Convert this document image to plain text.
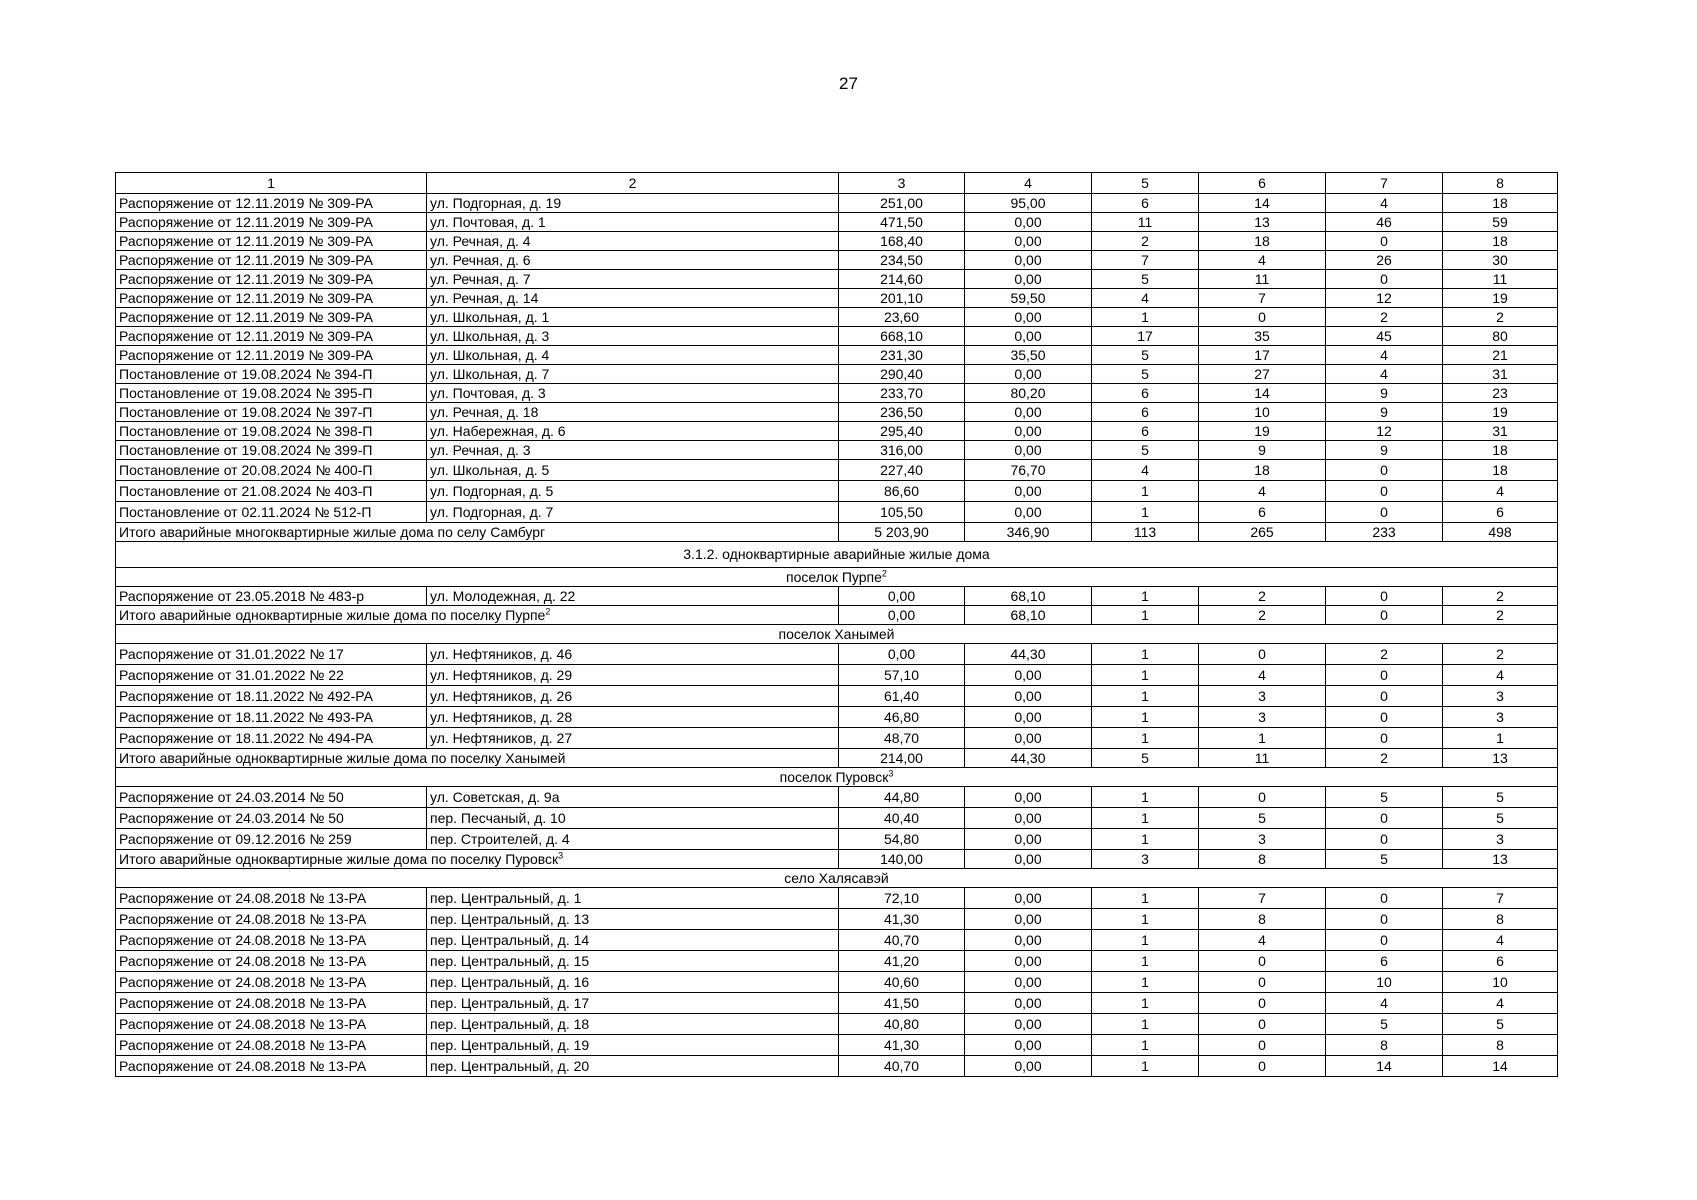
27
1	2	3	4	5	6	7	8
Распоряжение от 12.11.2019 № 309-РА	ул. Подгорная, д. 19	251,00	95,00	6	14	4	18
Распоряжение от 12.11.2019 № 309-РА	ул. Почтовая, д. 1	471,50	0,00	11	13	46	59
Распоряжение от 12.11.2019 № 309-РА	ул. Речная, д. 4	168,40	0,00	2	18	0	18
Распоряжение от 12.11.2019 № 309-РА	ул. Речная, д. 6	234,50	0,00	7	4	26	30
Распоряжение от 12.11.2019 № 309-РА	ул. Речная, д. 7	214,60	0,00	5	11	0	11
Распоряжение от 12.11.2019 № 309-РА	ул. Речная, д. 14	201,10	59,50	4	7	12	19
Распоряжение от 12.11.2019 № 309-РА	ул. Школьная, д. 1	23,60	0,00	1	0	2	2
Распоряжение от 12.11.2019 № 309-РА	ул. Школьная, д. 3	668,10	0,00	17	35	45	80
Распоряжение от 12.11.2019 № 309-РА	ул. Школьная, д. 4	231,30	35,50	5	17	4	21
Постановление от 19.08.2024 № 394-П	ул. Школьная, д. 7	290,40	0,00	5	27	4	31
Постановление от 19.08.2024 № 395-П	ул. Почтовая, д. 3	233,70	80,20	6	14	9	23
Постановление от 19.08.2024 № 397-П	ул. Речная, д. 18	236,50	0,00	6	10	9	19
Постановление от 19.08.2024 № 398-П	ул. Набережная, д. 6	295,40	0,00	6	19	12	31
Постановление от 19.08.2024 № 399-П	ул. Речная, д. 3	316,00	0,00	5	9	9	18
Постановление от 20.08.2024 № 400-П	ул. Школьная, д. 5	227,40	76,70	4	18	0	18
Постановление от 21.08.2024 № 403-П	ул. Подгорная, д. 5	86,60	0,00	1	4	0	4
Постановление от 02.11.2024 № 512-П	ул. Подгорная, д. 7	105,50	0,00	1	6	0	6
Итого аварийные многоквартирные жилые дома по селу Самбург		5 203,90	346,90	113	265	233	498
3.1.2. одноквартирные аварийные жилые дома							
поселок Пурпе$^2$
Распоряжение от 23.05.2018 № 483-р	ул. Молодежная, д. 22	0,00	68,10	1	2	0	2
Итого аварийные одноквартирные жилые дома по поселку Пурпе$^2$		0,00	68,10	1	2	0	2
поселок Ханымей							
Распоряжение от 31.01.2022 № 17	ул. Нефтяников, д. 46	0,00	44,30	1	0	2	2
Распоряжение от 31.01.2022 № 22	ул. Нефтяников, д. 29	57,10	0,00	1	4	0	4
Распоряжение от 18.11.2022 № 492-РА	ул. Нефтяников, д. 26	61,40	0,00	1	3	0	3
Распоряжение от 18.11.2022 № 493-РА	ул. Нефтяников, д. 28	46,80	0,00	1	3	0	3
Распоряжение от 18.11.2022 № 494-РА	ул. Нефтяников, д. 27	48,70	0,00	1	1	0	1
Итого аварийные одноквартирные жилые дома по поселку Ханымей		214,00	44,30	5	11	2	13
поселок Пуровск$^3$
Распоряжение от 24.03.2014 № 50	ул. Советская, д. 9а	44,80	0,00	1	0	5	5
Распоряжение от 24.03.2014 № 50	пер. Песчаный, д. 10	40,40	0,00	1	5	0	5
Распоряжение от 09.12.2016 № 259	пер. Строителей, д. 4	54,80	0,00	1	3	0	3
Итого аварийные одноквартирные жилые дома по поселку Пуровск$^3$		140,00	0,00	3	8	5	13
село Халясавэй							
Распоряжение от 24.08.2018 № 13-РА	пер. Центральный, д. 1	72,10	0,00	1	7	0	7
Распоряжение от 24.08.2018 № 13-РА	пер. Центральный, д. 13	41,30	0,00	1	8	0	8
Распоряжение от 24.08.2018 № 13-РА	пер. Центральный, д. 14	40,70	0,00	1	4	0	4
Распоряжение от 24.08.2018 № 13-РА	пер. Центральный, д. 15	41,20	0,00	1	0	6	6
Распоряжение от 24.08.2018 № 13-РА	пер. Центральный, д. 16	40,60	0,00	1	0	10	10
Распоряжение от 24.08.2018 № 13-РА	пер. Центральный, д. 17	41,50	0,00	1	0	4	4
Распоряжение от 24.08.2018 № 13-РА	пер. Центральный, д. 18	40,80	0,00	1	0	5	5
Распоряжение от 24.08.2018 № 13-РА	пер. Центральный, д. 19	41,30	0,00	1	0	8	8
Распоряжение от 24.08.2018 № 13-РА	пер. Центральный, д. 20	40,70	0,00	1	0	14	14
